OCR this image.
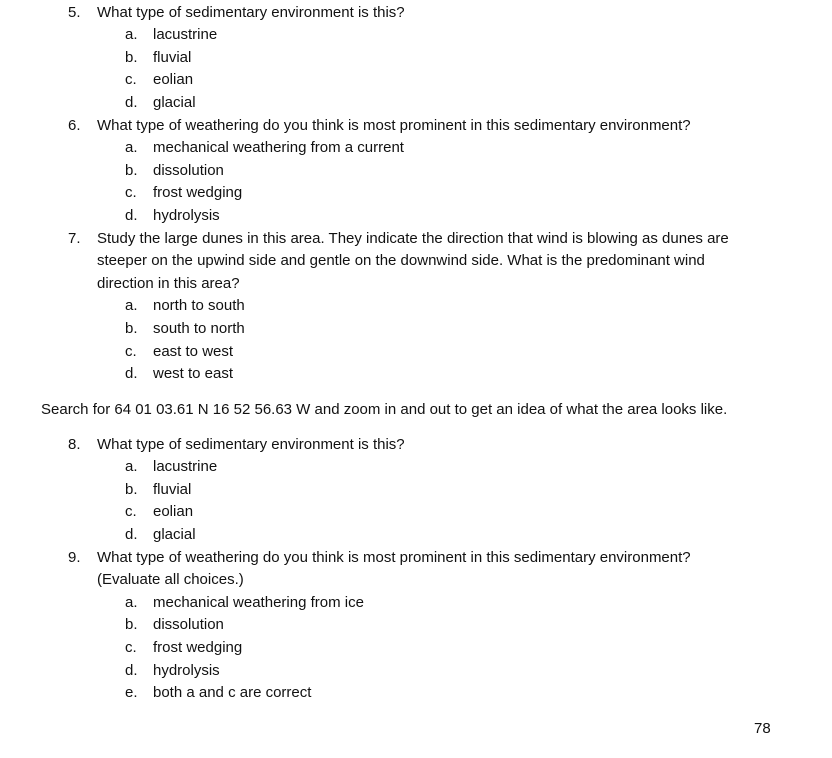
5. What type of sedimentary environment is this?
a. lacustrine
b. fluvial
c. eolian
d. glacial
6. What type of weathering do you think is most prominent in this sedimentary environment?
a. mechanical weathering from a current
b. dissolution
c. frost wedging
d. hydrolysis
7. Study the large dunes in this area. They indicate the direction that wind is blowing as dunes are
steeper on the upwind side and gentle on the downwind side. What is the predominant wind
direction in this area?
a. north to south
b. south to north
c. east to west
d. west to east
Search for 64 01 03.61 N 16 52 56.63 W and zoom in and out to get an idea of what the area looks like.
8. What type of sedimentary environment is this?
a. lacustrine
b. fluvial
c. eolian
d. glacial
9. What type of weathering do you think is most prominent in this sedimentary environment?
(Evaluate all choices.)
a. mechanical weathering from ice
b. dissolution
c. frost wedging
d. hydrolysis
e. both a and c are correct
78
